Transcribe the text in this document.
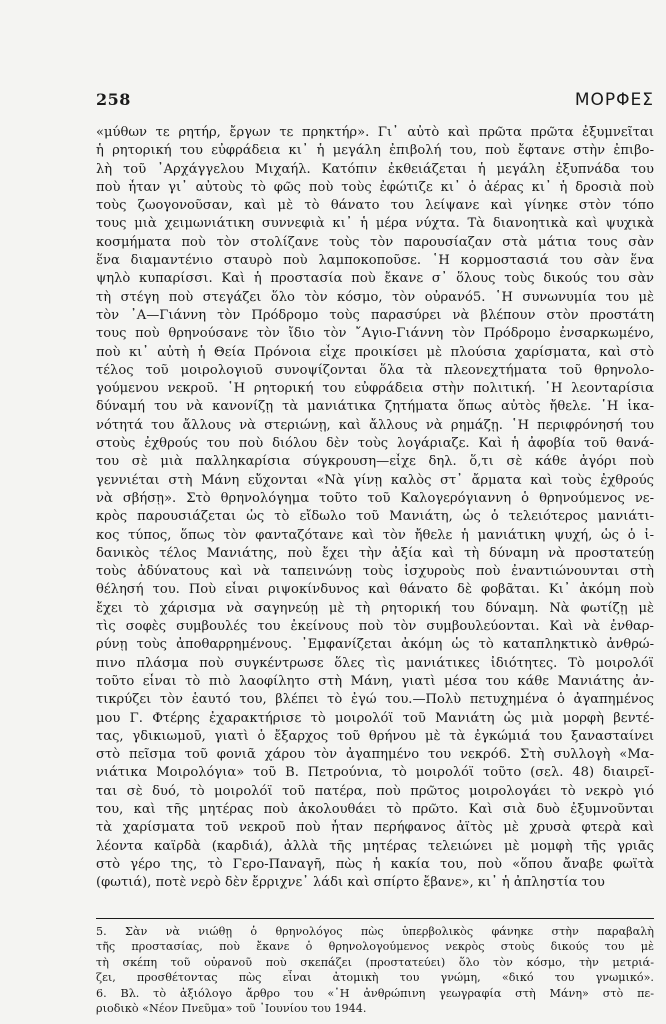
258	ΜΟΡΦΕΣ
«μύθων τε ρητήρ, ἔργων τε πρηκτήρ». Γι᾿ αὐτὸ καὶ πρῶτα πρῶτα ἐξυμνεῖται
ἡ ρητορική του εὐφράδεια κι᾿ ἡ μεγάλη ἐπιβολή του, ποὺ ἔφτανε στὴν ἐπιβο-
λὴ τοῦ ᾿Αρχάγγελου Μιχαήλ. Κατόπιν ἐκθειάζεται ἡ μεγάλη ἐξυπνάδα του
ποὺ ἦταν γι᾿ αὐτοὺς τὸ φῶς ποὺ τοὺς ἐφώτιζε κι᾿ ὁ ἀέρας κι᾿ ἡ δροσιὰ ποὺ
τοὺς ζωογονοῦσαν, καὶ μὲ τὸ θάνατο του λείψανε καὶ γίνηκε στὸν τόπο
τους μιὰ χειμωνιάτικη συννεφιὰ κι᾿ ἡ μέρα νύχτα. Τὰ διανοητικὰ καὶ ψυχικὰ
κοσμήματα ποὺ τὸν στολίζανε τοὺς τὸν παρουσίαζαν στὰ μάτια τους σὰν
ἕνα διαμαντένιο σταυρὸ ποὺ λαμποκοποῦσε. ῾Η κορμοστασιά του σὰν ἕνα
ψηλὸ κυπαρίσσι. Καὶ ἡ προστασία ποὺ ἔκανε σ᾿ ὅλους τοὺς δικούς του σὰν
τὴ στέγη ποὺ στεγάζει ὅλο τὸν κόσμο, τὸν οὐρανό5. ῾Η συνωνυμία του μὲ
τὸν ᾿Α—Γιάννη τὸν Πρόδρομο τοὺς παρασύρει νὰ βλέπουν στὸν προστάτη
τους ποὺ θρηνούσανε τὸν ἴδιο τὸν ῎Αγιο-Γιάννη τὸν Πρόδρομο ἐνσαρκωμένο,
ποὺ κι᾿ αὐτὴ ἡ Θεία Πρόνοια εἶχε προικίσει μὲ πλούσια χαρίσματα, καὶ στὸ
τέλος τοῦ μοιρολογιοῦ συνοψίζονται ὅλα τὰ πλεονεχτήματα τοῦ θρηνολο-
γούμενου νεκροῦ. ῾Η ρητορική του εὐφράδεια στὴν πολιτική. ῾Η λεονταρίσια
δύναμή του νὰ κανονίζῃ τὰ μανιάτικα ζητήματα ὅπως αὐτὸς ἤθελε. ῾Η ἱκα-
νότητά του ἄλλους νὰ στεριώνῃ, καὶ ἄλλους νὰ ρημάζῃ. ῾Η περιφρόνησή του
στοὺς ἐχθρούς του ποὺ διόλου δὲν τοὺς λογάριαζε. Καὶ ἡ ἀφοβία τοῦ θανά-
του σὲ μιὰ παλληκαρίσια σύγκρουση—εἶχε δηλ. ὅ,τι σὲ κάθε ἀγόρι ποὺ
γεννιέται στὴ Μάνη εὔχονται «Νὰ γίνῃ καλὸς στ᾿ ἄρματα καὶ τοὺς ἐχθρούς
νὰ σβήσῃ». Στὸ θρηνολόγημα τοῦτο τοῦ Καλογερόγιαννη ὁ θρηνούμενος νε-
κρὸς παρουσιάζεται ὡς τὸ εἴδωλο τοῦ Μανιάτη, ὡς ὁ τελειότερος μανιάτι-
κος τύπος, ὅπως τὸν φανταζότανε καὶ τὸν ἤθελε ἡ μανιάτικη ψυχή, ὡς ὁ ἰ-
δανικὸς τέλος Μανιάτης, ποὺ ἔχει τὴν ἀξία καὶ τὴ δύναμη νὰ προστατεύῃ
τοὺς ἀδύνατους καὶ νὰ ταπεινώνῃ τοὺς ἰσχυροὺς ποὺ ἐναντιώνουνται στὴ
θέλησή του. Ποὺ εἶναι ριψοκίνδυνος καὶ θάνατο δὲ φοβᾶται. Κι᾿ ἀκόμη ποὺ
ἔχει τὸ χάρισμα νὰ σαγηνεύῃ μὲ τὴ ρητορική του δύναμη. Νὰ φωτίζῃ μὲ
τὶς σοφὲς συμβουλές του ἐκείνους ποὺ τὸν συμβουλεύονται. Καὶ νὰ ἐνθαρ-
ρύνῃ τοὺς ἀποθαρρημένους. ᾿Εμφανίζεται ἀκόμη ὡς τὸ καταπληκτικὸ ἀνθρώ-
πινο πλάσμα ποὺ συγκέντρωσε ὅλες τὶς μανιάτικες ἰδιότητες. Τὸ μοιρολόϊ
τοῦτο εἶναι τὸ πιὸ λαοφίλητο στὴ Μάνη, γιατὶ μέσα του κάθε Μανιάτης ἀν-
τικρύζει τὸν ἑαυτό του, βλέπει τὸ ἐγώ του.—Πολὺ πετυχημένα ὁ ἀγαπημένος
μου Γ. Φτέρης ἐχαρακτήρισε τὸ μοιρολόϊ τοῦ Μανιάτη ὡς μιὰ μορφὴ βεντέ-
τας, γδικιωμοῦ, γιατὶ ὁ ἔξαρχος τοῦ θρήνου μὲ τὰ ἐγκώμιά του ξανασταίνει
στὸ πεῖσμα τοῦ φονιᾶ χάρου τὸν ἀγαπημένο του νεκρό6. Στὴ συλλογὴ «Μα-
νιάτικα Μοιρολόγια» τοῦ Β. Πετρούνια, τὸ μοιρολόϊ τοῦτο (σελ. 48) διαιρεῖ-
ται σὲ δυό, τὸ μοιρολόϊ τοῦ πατέρα, ποὺ πρῶτος μοιρολογάει τὸ νεκρὸ γιό
του, καὶ τῆς μητέρας ποὺ ἀκολουθάει τὸ πρῶτο. Καὶ σιὰ δυὸ ἐξυμνοῦνται
τὰ χαρίσματα τοῦ νεκροῦ ποὺ ἦταν περήφανος ἀϊτὸς μὲ χρυσὰ φτερὰ καὶ
λέοντα καϊρδὰ (καρδιά), ἀλλὰ τῆς μητέρας τελειώνει μὲ μομφὴ τῆς γριᾶς
στὸ γέρο της, τὸ Γερο-Παναγῆ, πὼς ἡ κακία του, ποὺ «ὅπου ἄναβε φωϊτὰ
(φωτιά), ποτὲ νερὸ δὲν ἔρριχνε᾿ λάδι καὶ σπίρτο ἔβανε», κι᾿ ἡ ἀπληστία του
5. Σὰν νὰ νιώθῃ ὁ θρηνολόγος πὼς ὑπερβολικὸς φάνηκε στὴν παραβαλὴ
τῆς προστασίας, ποὺ ἔκανε ὁ θρηνολογούμενος νεκρὸς στοὺς δικούς του μὲ
τὴ σκέπη τοῦ οὐρανοῦ ποὺ σκεπάζει (προστατεύει) ὅλο τὸν κόσμο, τὴν μετριά-
ζει, προσθέτοντας πὼς εἶναι ἀτομικὴ του γνώμη, «δικό του γνωμικό».
6. Βλ. τὸ ἀξιόλογο ἄρθρο του «῾Η ἀνθρώπινη γεωγραφία στὴ Μάνη» στὸ πε-
ριοδικὸ «Νέον Πνεῦμα» τοῦ ᾿Ιουνίου του 1944.
